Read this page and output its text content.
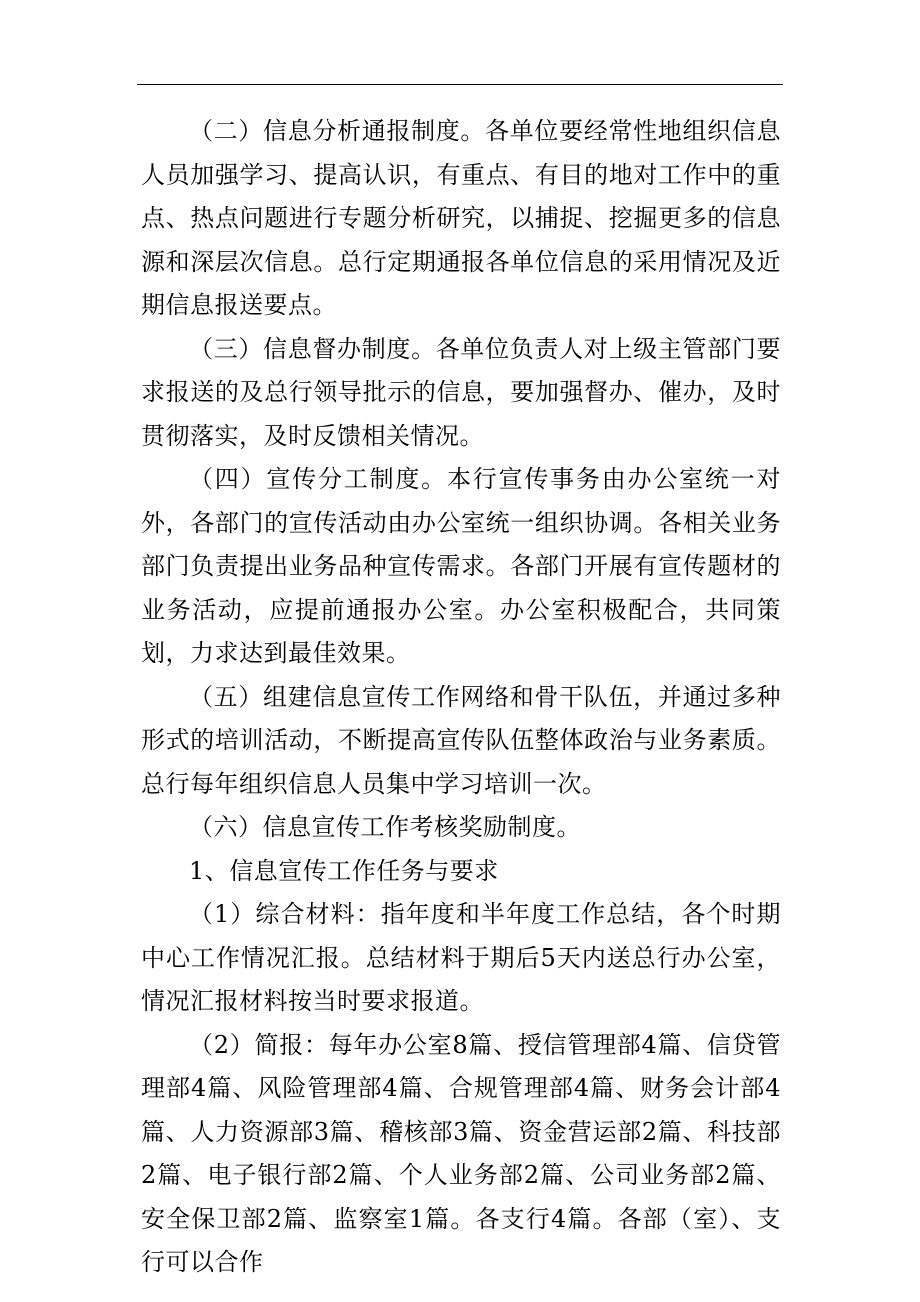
（二）信息分析通报制度。各单位要经常性地组织信息人员加强学习、提高认识，有重点、有目的地对工作中的重点、热点问题进行专题分析研究，以捕捉、挖掘更多的信息源和深层次信息。总行定期通报各单位信息的采用情况及近期信息报送要点。

（三）信息督办制度。各单位负责人对上级主管部门要求报送的及总行领导批示的信息，要加强督办、催办，及时贯彻落实，及时反馈相关情况。

（四）宣传分工制度。本行宣传事务由办公室统一对外，各部门的宣传活动由办公室统一组织协调。各相关业务部门负责提出业务品种宣传需求。各部门开展有宣传题材的业务活动，应提前通报办公室。办公室积极配合，共同策划，力求达到最佳效果。

（五）组建信息宣传工作网络和骨干队伍，并通过多种形式的培训活动，不断提高宣传队伍整体政治与业务素质。总行每年组织信息人员集中学习培训一次。

（六）信息宣传工作考核奖励制度。

1、信息宣传工作任务与要求

（1）综合材料：指年度和半年度工作总结，各个时期中心工作情况汇报。总结材料于期后5天内送总行办公室，情况汇报材料按当时要求报道。

（2）简报：每年办公室8篇、授信管理部4篇、信贷管理部4篇、风险管理部4篇、合规管理部4篇、财务会计部4篇、人力资源部3篇、稽核部3篇、资金营运部2篇、科技部2篇、电子银行部2篇、个人业务部2篇、公司业务部2篇、安全保卫部2篇、监察室1篇。各支行4篇。各部（室）、支行可以合作
